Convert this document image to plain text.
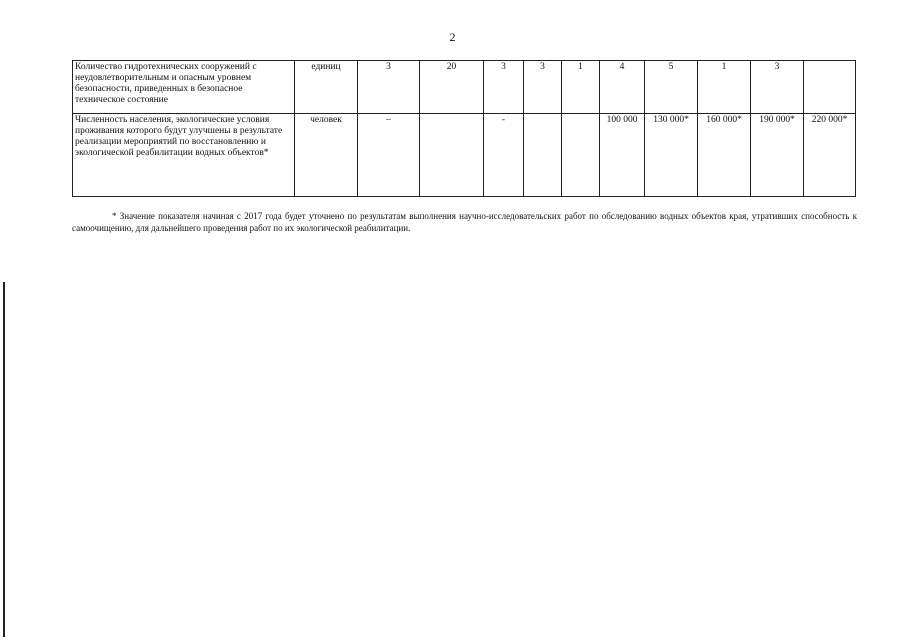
2
Количество гидротехнических сооружений с неудовлетворительным и опасным уровнем безопасности, приведенных в безопасное техническое состояние	единиц	3	20	3	3	1	4	5	1	3	
Численность населения, экологические условия проживания которого будут улучшены в результате реализации мероприятий по восстановлению и экологической реабилитации водных объектов*	человек	–		-			100 000	130 000*	160 000*	190 000*	220 000*
* Значение показателя начиная с 2017 года будет уточнено по результатам выполнения научно-исследовательских работ по обследованию водных объектов края, утративших способность к самоочищению, для дальнейшего проведения работ по их экологической реабилитации.
